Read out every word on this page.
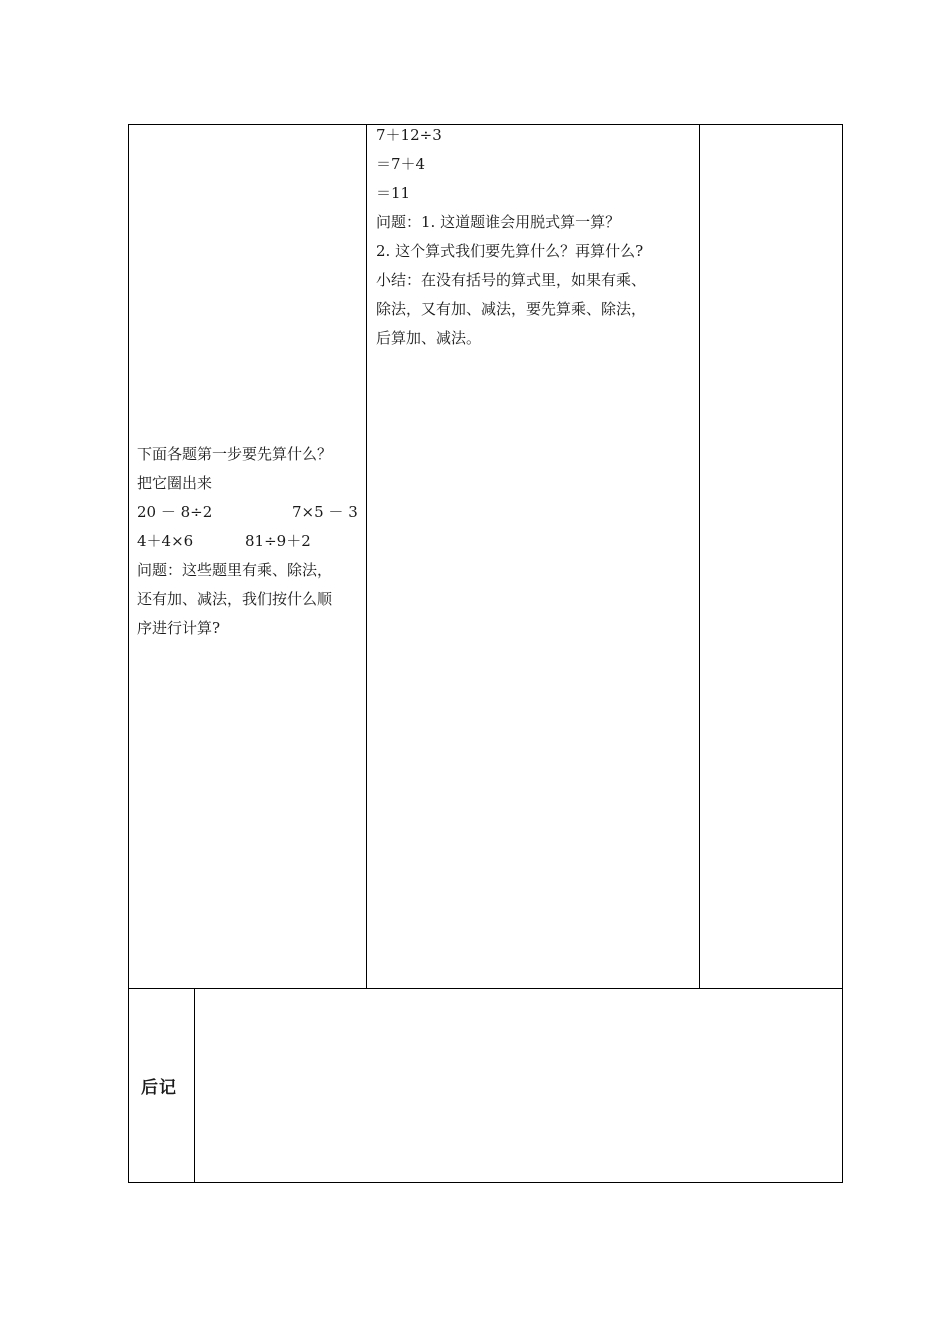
下面各题第一步要先算什么？
把它圈出来
20 － 8÷2	7×5 － 3
4＋4×6	81÷9＋2
问题：这些题里有乘、除法，
还有加、减法，我们按什么顺
序进行计算?
7＋12÷3
＝7＋4
＝11
问题：1. 这道题谁会用脱式算一算？
2. 这个算式我们要先算什么？再算什么?
小结：在没有括号的算式里，如果有乘、
除法，又有加、减法，要先算乘、除法，
后算加、减法。
后记
